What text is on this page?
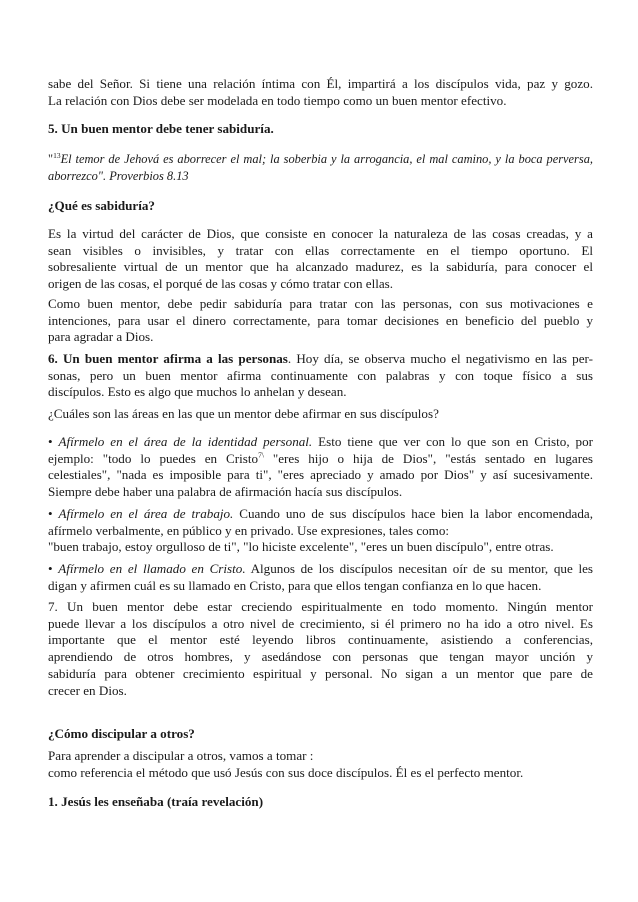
sabe del Señor. Si tiene una relación íntima con Él, impartirá a los discípulos vida, paz y gozo.
La relación con Dios debe ser modelada en todo tiempo como un buen mentor efectivo.
5. Un buen mentor debe tener sabiduría.
"$^{13}$El temor de Jehová es aborrecer el mal; la soberbia y la arrogancia, el mal camino, y la boca perversa,
aborrezco". Proverbios 8.13
¿Qué es sabiduría?
Es la virtud del carácter de Dios, que consiste en conocer la naturaleza de las cosas creadas, y a
sean visibles o invisibles, y tratar con ellas correctamente en el tiempo oportuno. El
sobresaliente virtual de un mentor que ha alcanzado madurez, es la sabiduría, para conocer el
origen de las cosas, el porqué de las cosas y cómo tratar con ellas.
Como buen mentor, debe pedir sabiduría para tratar con las personas, con sus motivaciones e
intenciones, para usar el dinero correctamente, para tomar decisiones en beneficio del pueblo y
para agradar a Dios.
6. Un buen mentor afirma a las personas. Hoy día, se observa mucho el negativismo en las per-
sonas, pero un buen mentor afirma continuamente con palabras y con toque físico a sus
discípulos. Esto es algo que muchos lo anhelan y desean.
¿Cuáles son las áreas en las que un mentor debe afirmar en sus discípulos?
• Afírmelo en el área de la identidad personal. Esto tiene que ver con lo que son en Cristo, por
ejemplo: "todo lo puedes en Cristo$^{7\backslash}$ "eres hijo o hija de Dios", "estás sentado en lugares
celestiales", "nada es imposible para ti", "eres apreciado y amado por Dios" y así sucesivamente.
Siempre debe haber una palabra de afirmación hacía sus discípulos.
• Afírmelo en el área de trabajo. Cuando uno de sus discípulos hace bien la labor encomendada,
afírmelo verbalmente, en público y en privado. Use expresiones, tales como:
"buen trabajo, estoy orgulloso de ti", "lo hiciste excelente", "eres un buen discípulo", entre otras.
• Afírmelo en el llamado en Cristo. Algunos de los discípulos necesitan oír de su mentor, que les
digan y afirmen cuál es su llamado en Cristo, para que ellos tengan confianza en lo que hacen.
7. Un buen mentor debe estar creciendo espiritualmente en todo momento. Ningún mentor
puede llevar a los discípulos a otro nivel de crecimiento, si él primero no ha ido a otro nivel. Es
importante que el mentor esté leyendo libros continuamente, asistiendo a conferencias,
aprendiendo de otros hombres, y asedándose con personas que tengan mayor unción y
sabiduría para obtener crecimiento espiritual y personal. No sigan a un mentor que pare de
crecer en Dios.
¿Cómo discipular a otros?
Para aprender a discipular a otros, vamos a tomar :
como referencia el método que usó Jesús con sus doce discípulos. Él es el perfecto mentor.
1. Jesús les enseñaba (traía revelación)
